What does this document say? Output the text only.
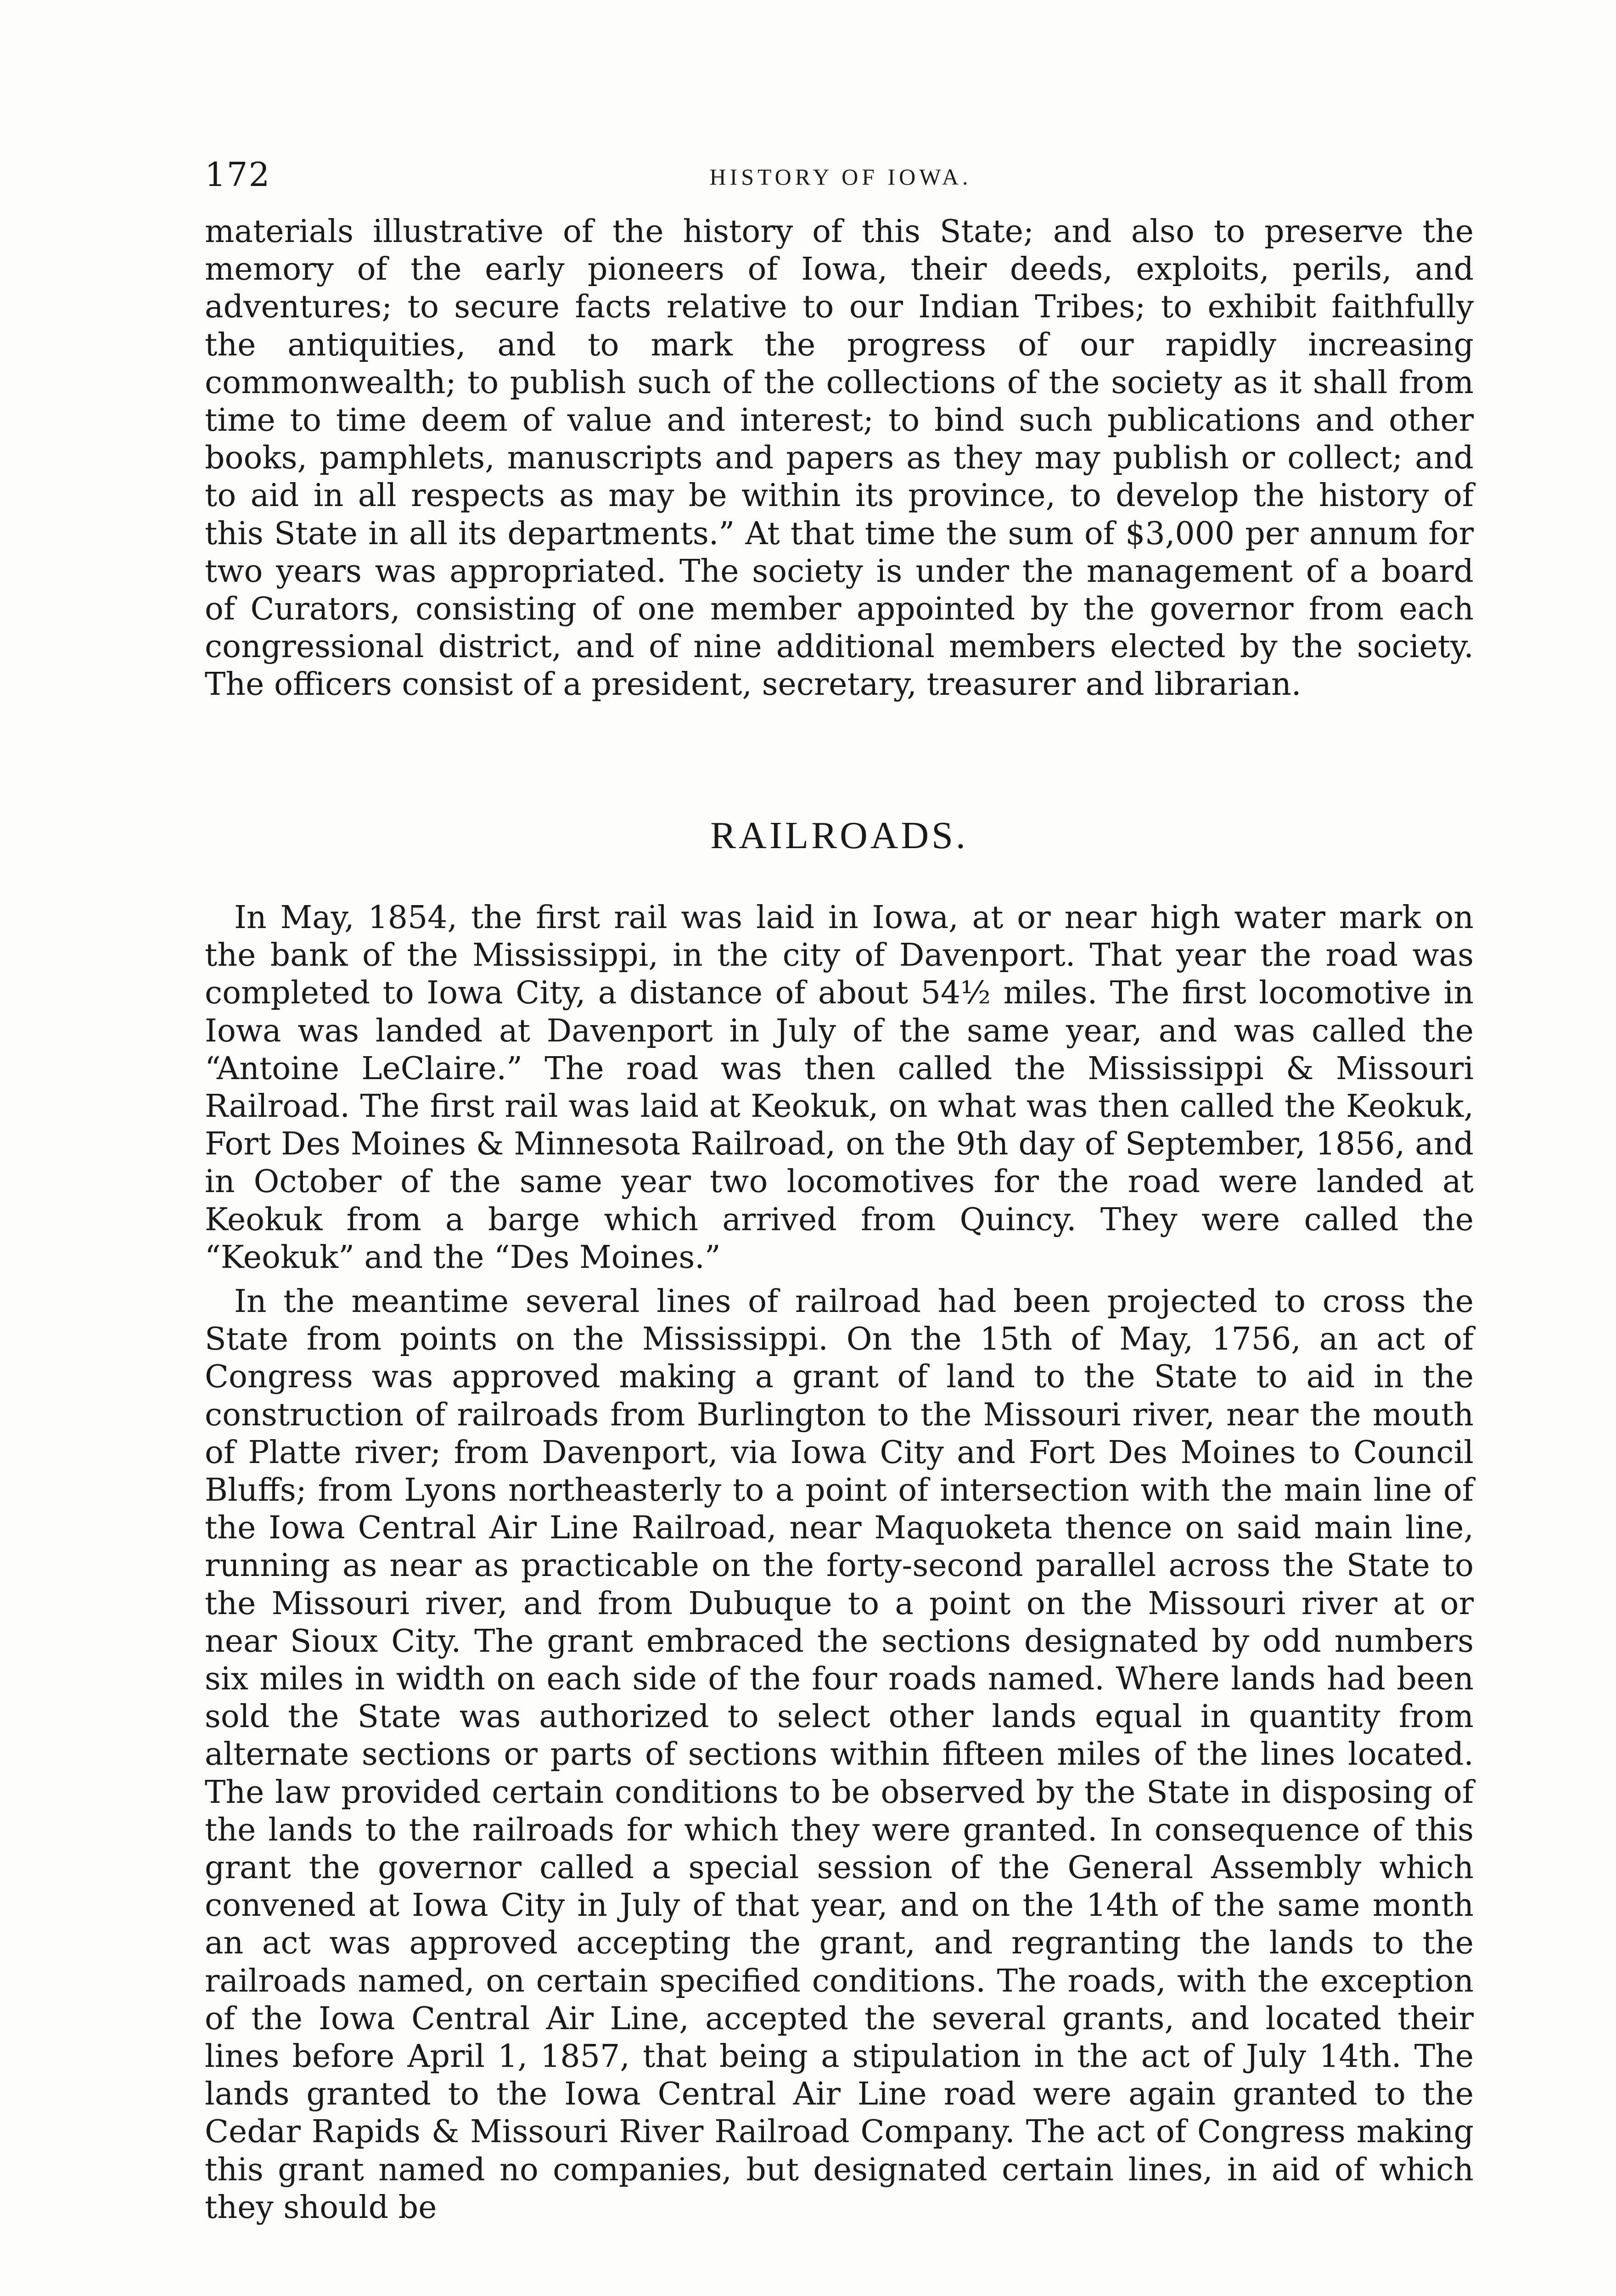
172	HISTORY OF IOWA.

materials illustrative of the history of this State; and also to preserve the memory of the early pioneers of Iowa, their deeds, exploits, perils, and adventures; to secure facts relative to our Indian Tribes; to exhibit faithfully the antiquities, and to mark the progress of our rapidly increasing commonwealth; to publish such of the collections of the society as it shall from time to time deem of value and interest; to bind such publications and other books, pamphlets, manuscripts and papers as they may publish or collect; and to aid in all respects as may be within its province, to develop the history of this State in all its departments.” At that time the sum of $3,000 per annum for two years was appropriated. The society is under the management of a board of Curators, consisting of one member appointed by the governor from each congressional district, and of nine additional members elected by the society. The officers consist of a president, secretary, treasurer and librarian.

RAILROADS.

In May, 1854, the first rail was laid in Iowa, at or near high water mark on the bank of the Mississippi, in the city of Davenport. That year the road was completed to Iowa City, a distance of about 54½ miles. The first locomotive in Iowa was landed at Davenport in July of the same year, and was called the “Antoine LeClaire.” The road was then called the Mississippi & Missouri Railroad. The first rail was laid at Keokuk, on what was then called the Keokuk, Fort Des Moines & Minnesota Railroad, on the 9th day of September, 1856, and in October of the same year two locomotives for the road were landed at Keokuk from a barge which arrived from Quincy. They were called the “Keokuk” and the “Des Moines.”

In the meantime several lines of railroad had been projected to cross the State from points on the Mississippi. On the 15th of May, 1756, an act of Congress was approved making a grant of land to the State to aid in the construction of railroads from Burlington to the Missouri river, near the mouth of Platte river; from Davenport, via Iowa City and Fort Des Moines to Council Bluffs; from Lyons northeasterly to a point of intersection with the main line of the Iowa Central Air Line Railroad, near Maquoketa thence on said main line, running as near as practicable on the forty-second parallel across the State to the Missouri river, and from Dubuque to a point on the Missouri river at or near Sioux City. The grant embraced the sections designated by odd numbers six miles in width on each side of the four roads named. Where lands had been sold the State was authorized to select other lands equal in quantity from alternate sections or parts of sections within fifteen miles of the lines located. The law provided certain conditions to be observed by the State in disposing of the lands to the railroads for which they were granted. In consequence of this grant the governor called a special session of the General Assembly which convened at Iowa City in July of that year, and on the 14th of the same month an act was approved accepting the grant, and regranting the lands to the railroads named, on certain specified conditions. The roads, with the exception of the Iowa Central Air Line, accepted the several grants, and located their lines before April 1, 1857, that being a stipulation in the act of July 14th. The lands granted to the Iowa Central Air Line road were again granted to the Cedar Rapids & Missouri River Railroad Company. The act of Congress making this grant named no companies, but designated certain lines, in aid of which they should be
